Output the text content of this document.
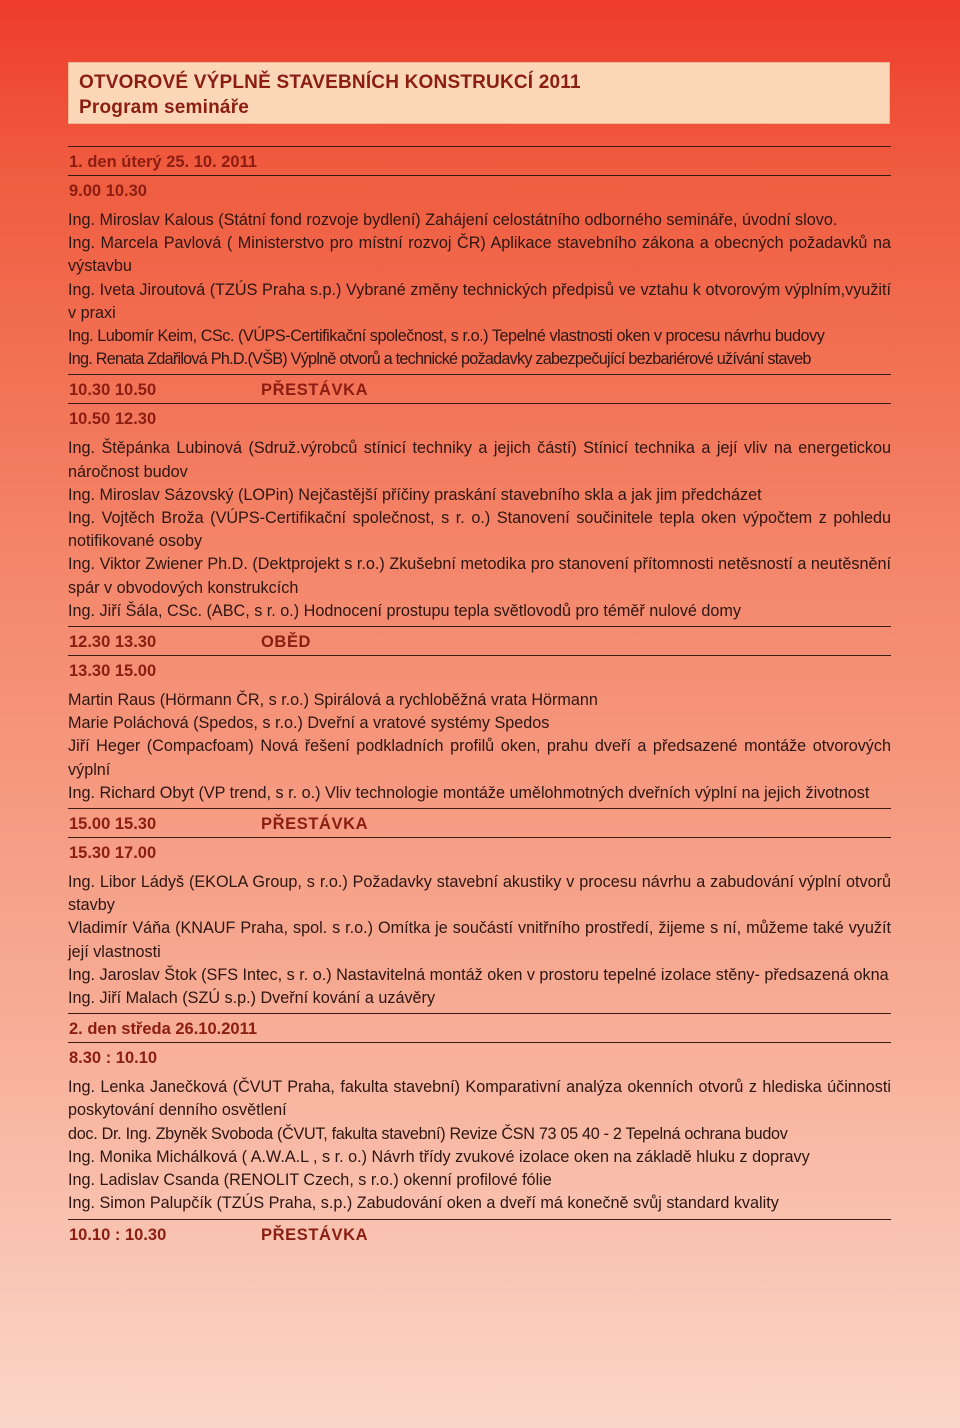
OTVOROVÉ VÝPLNĚ STAVEBNÍCH KONSTRUKCÍ 2011
Program semináře
1. den úterý 25. 10. 2011
9.00 10.30
Ing. Miroslav Kalous (Státní fond rozvoje bydlení) Zahájení celostátního odborného semináře, úvodní slovo.
Ing. Marcela Pavlová ( Ministerstvo pro místní rozvoj ČR) Aplikace stavebního zákona a obecných požadavků na výstavbu
Ing. Iveta Jiroutová (TZÚS Praha s.p.) Vybrané změny technických předpisů ve vztahu k otvorovým výplním,využití v praxi
Ing. Lubomír Keim, CSc. (VÚPS-Certifikační společnost, s r.o.) Tepelné vlastnosti oken v procesu návrhu budovy
Ing. Renata Zdařilová Ph.D.(VŠB) Výplně otvorů a technické požadavky zabezpečující bezbariérové užívání staveb
10.30 10.50	PŘESTÁVKA
10.50 12.30
Ing. Štěpánka Lubinová (Sdruž.výrobců stínicí techniky a jejich částí) Stínicí technika a její vliv na energetickou náročnost budov
Ing. Miroslav Sázovský (LOPin) Nejčastější příčiny praskání stavebního skla a jak jim předcházet
Ing. Vojtěch Broža (VÚPS-Certifikační společnost, s r. o.) Stanovení součinitele tepla oken výpočtem z pohledu notifikované osoby
Ing. Viktor Zwiener Ph.D. (Dektprojekt s r.o.) Zkušební metodika pro stanovení přítomnosti netěsností a neutěsnění spár v obvodových konstrukcích
Ing. Jiří Šála, CSc. (ABC, s r. o.) Hodnocení prostupu tepla světlovodů pro téměř nulové domy
12.30 13.30	OBĚD
13.30 15.00
Martin Raus (Hörmann ČR, s r.o.) Spirálová a rychloběžná vrata Hörmann
Marie Poláchová (Spedos, s r.o.) Dveřní a vratové systémy Spedos
Jiří Heger (Compacfoam) Nová řešení podkladních profilů oken, prahu dveří a předsazené montáže otvorových výplní
Ing. Richard Obyt (VP trend, s r. o.) Vliv technologie montáže umělohmotných dveřních výplní na jejich životnost
15.00 15.30	PŘESTÁVKA
15.30 17.00
Ing. Libor Ládyš (EKOLA Group, s r.o.) Požadavky stavební akustiky v procesu návrhu a zabudování výplní otvorů stavby
Vladimír Váňa (KNAUF Praha, spol. s r.o.) Omítka je součástí vnitřního prostředí, žijeme s ní, můžeme také využít její vlastnosti
Ing. Jaroslav Štok (SFS Intec, s r. o.) Nastavitelná montáž oken v prostoru tepelné izolace stěny- předsazená okna
Ing. Jiří Malach (SZÚ s.p.) Dveřní kování a uzávěry
2. den středa 26.10.2011
8.30 : 10.10
Ing. Lenka Janečková (ČVUT Praha, fakulta stavební) Komparativní analýza okenních otvorů z hlediska účinnosti poskytování denního osvětlení
doc. Dr. Ing. Zbyněk Svoboda (ČVUT, fakulta stavební) Revize ČSN 73 05 40 - 2 Tepelná ochrana budov
Ing. Monika Michálková ( A.W.A.L , s r. o.) Návrh třídy zvukové izolace oken na základě hluku z dopravy
Ing. Ladislav Csanda (RENOLIT Czech, s r.o.) okenní profilové fólie
Ing. Simon Palupčík (TZÚS Praha, s.p.) Zabudování oken a dveří má konečně svůj standard kvality
10.10 : 10.30	PŘESTÁVKA
